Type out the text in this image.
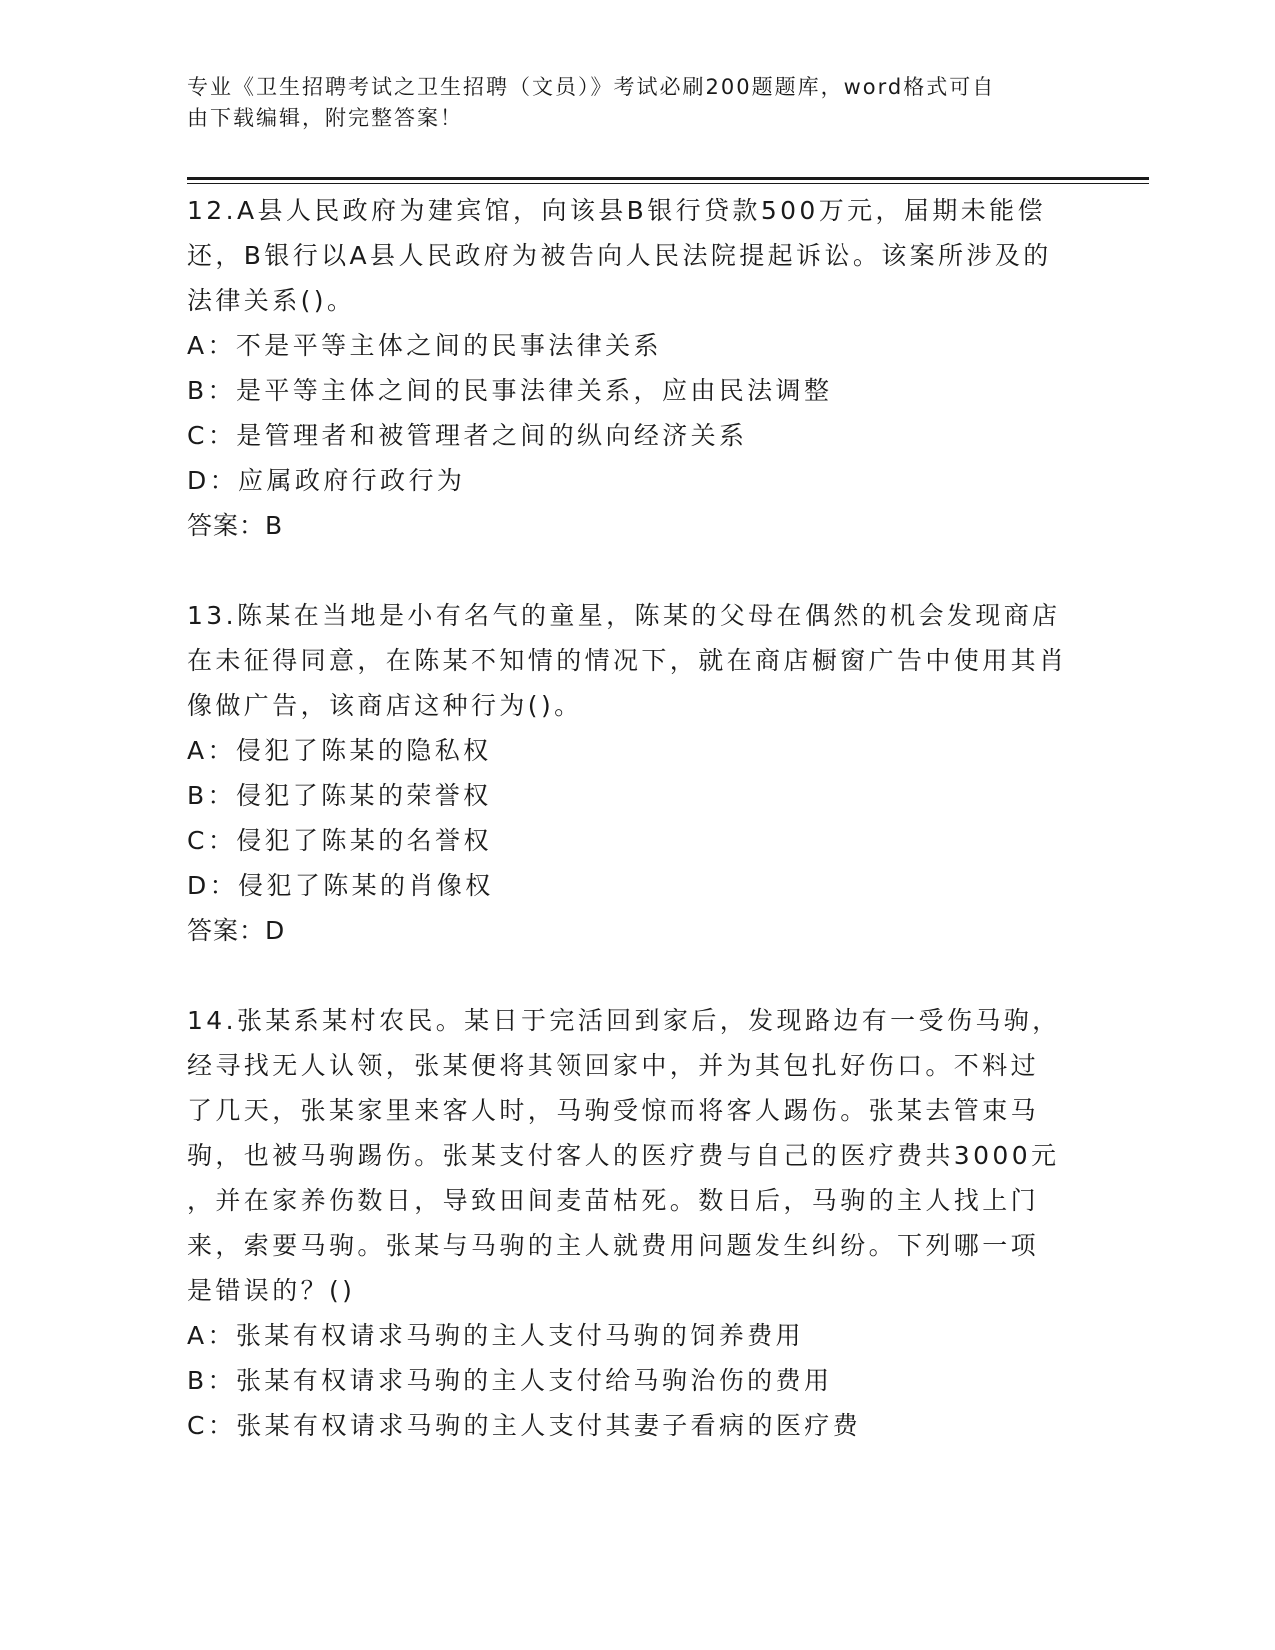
专业《卫生招聘考试之卫生招聘（文员）》考试必刷200题题库，word格式可自
由下载编辑，附完整答案！

12.A县人民政府为建宾馆，向该县B银行贷款500万元，届期未能偿还，B银行以A县人民政府为被告向人民法院提起诉讼。该案所涉及的法律关系()。

A：不是平等主体之间的民事法律关系

B：是平等主体之间的民事法律关系，应由民法调整

C：是管理者和被管理者之间的纵向经济关系

D：应属政府行政行为

答案：B

13.陈某在当地是小有名气的童星，陈某的父母在偶然的机会发现商店在未征得同意，在陈某不知情的情况下，就在商店橱窗广告中使用其肖像做广告，该商店这种行为()。

A：侵犯了陈某的隐私权

B：侵犯了陈某的荣誉权

C：侵犯了陈某的名誉权

D：侵犯了陈某的肖像权

答案：D

14.张某系某村农民。某日于完活回到家后，发现路边有一受伤马驹，

经寻找无人认领，张某便将其领回家中，并为其包扎好伤口。不料过

了几天，张某家里来客人时，马驹受惊而将客人踢伤。张某去管束马

驹，也被马驹踢伤。张某支付客人的医疗费与自己的医疗费共3000元

，并在家养伤数日，导致田间麦苗枯死。数日后，马驹的主人找上门

来，索要马驹。张某与马驹的主人就费用问题发生纠纷。下列哪一项

是错误的？()

A：张某有权请求马驹的主人支付马驹的饲养费用

B：张某有权请求马驹的主人支付给马驹治伤的费用

C：张某有权请求马驹的主人支付其妻子看病的医疗费
